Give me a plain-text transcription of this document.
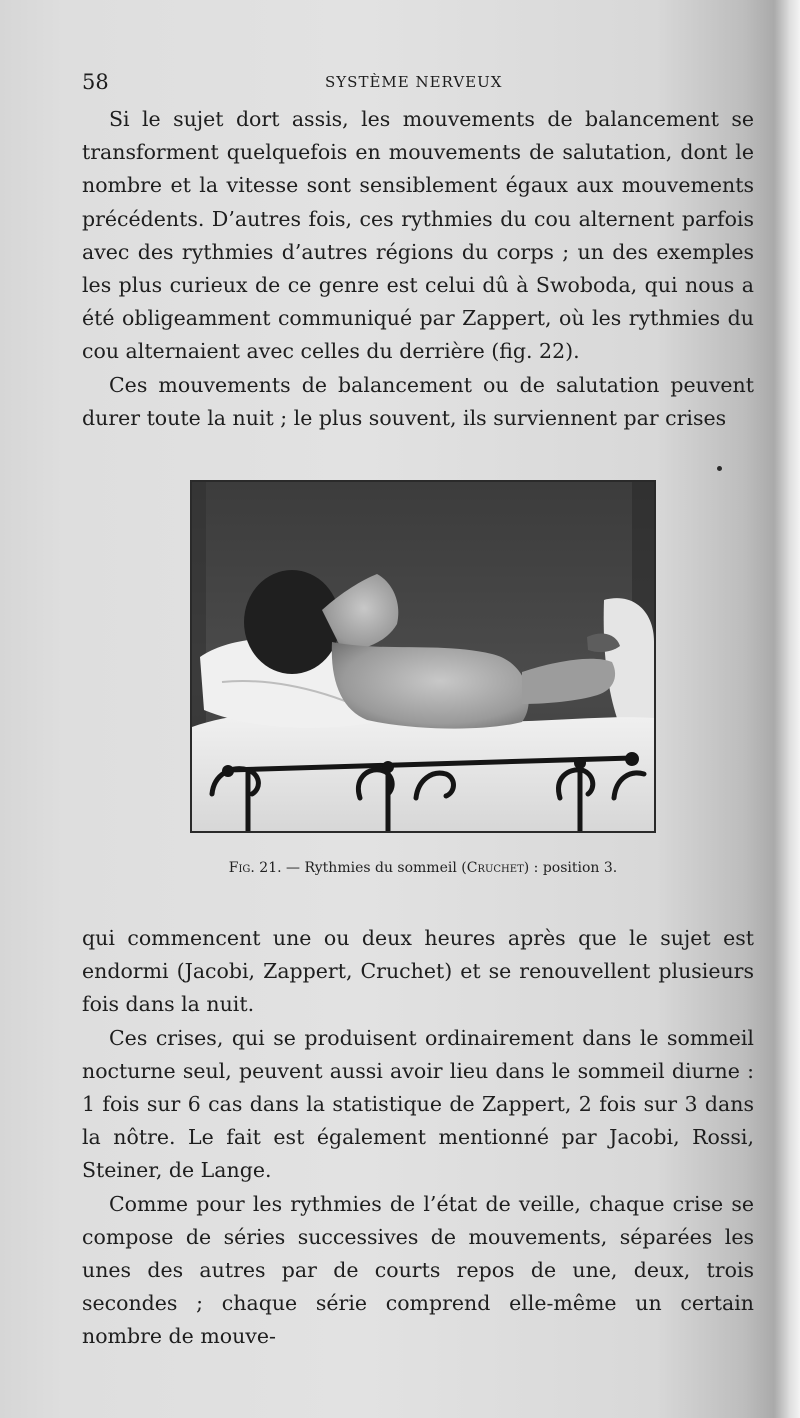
58	SYSTÈME NERVEUX

Si le sujet dort assis, les mouvements de balancement se transforment quelquefois en mouvements de salutation, dont le nombre et la vitesse sont sensiblement égaux aux mouvements précédents. D’autres fois, ces rythmies du cou alternent parfois avec des rythmies d’autres régions du corps ; un des exemples les plus curieux de ce genre est celui dû à Swoboda, qui nous a été obligeamment communiqué par Zappert, où les rythmies du cou alternaient avec celles du derrière (fig. 22).

Ces mouvements de balancement ou de salutation peuvent durer toute la nuit ; le plus souvent, ils surviennent par crises

Fig. 21. — Rythmies du sommeil (Cruchet) : position 3.

qui commencent une ou deux heures après que le sujet est endormi (Jacobi, Zappert, Cruchet) et se renouvellent plusieurs fois dans la nuit.

Ces crises, qui se produisent ordinairement dans le sommeil nocturne seul, peuvent aussi avoir lieu dans le sommeil diurne : 1 fois sur 6 cas dans la statistique de Zappert, 2 fois sur 3 dans la nôtre. Le fait est également mentionné par Jacobi, Rossi, Steiner, de Lange.

Comme pour les rythmies de l’état de veille, chaque crise se compose de séries successives de mouvements, séparées les unes des autres par de courts repos de une, deux, trois secondes ; chaque série comprend elle-même un certain nombre de mouve-
